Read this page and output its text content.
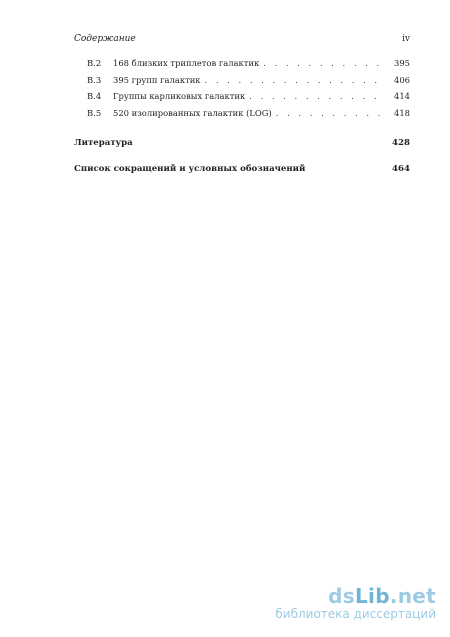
Содержание	iv
B.2	168 близких триплетов галактик . . .	395
B.3	395 групп галактик . . .	406
B.4	Группы карликовых галактик . . .	414
B.5	520 изолированных галактик (LOG) . . .	418
Литература	428
Список сокращений и условных обозначений	464
dsLib.net
библиотека диссертаций
